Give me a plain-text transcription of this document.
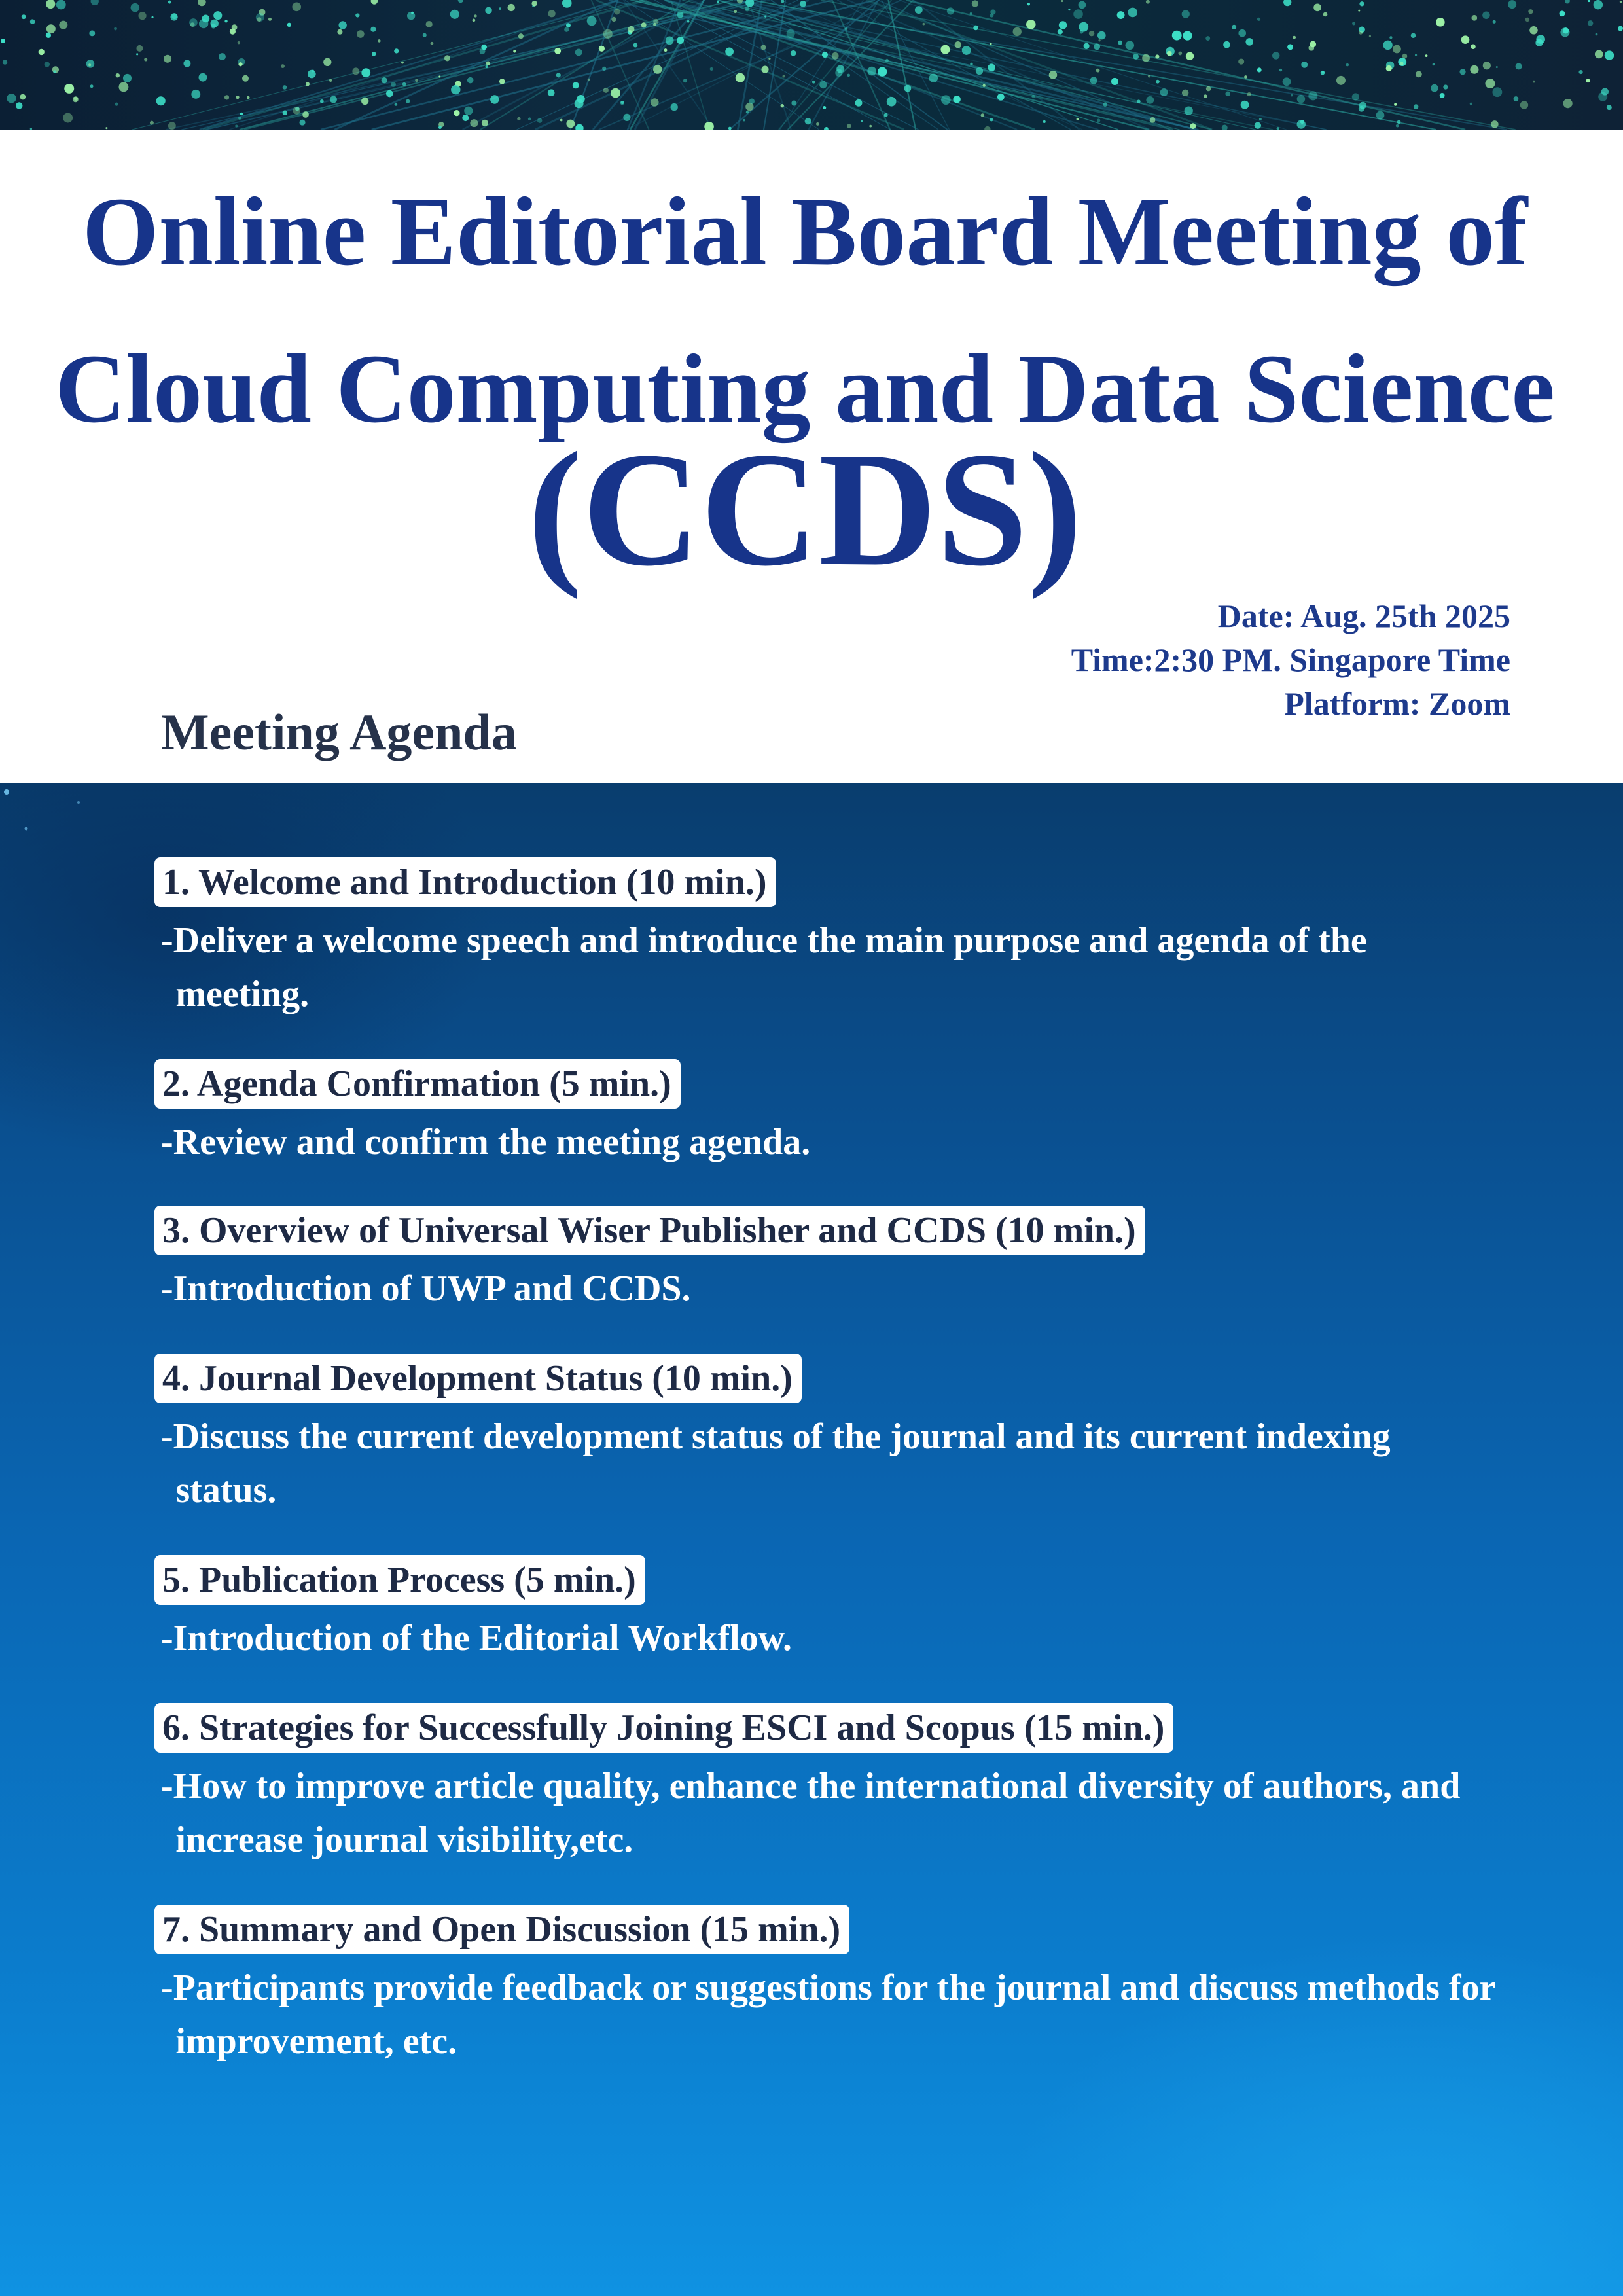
Online Editorial Board Meeting of
Cloud Computing and Data Science
(CCDS)
Date: Aug. 25th 2025
Time:2:30 PM. Singapore Time
Platform: Zoom
Meeting Agenda
1. Welcome and Introduction (10 min.)
-Deliver a welcome speech and introduce the main purpose and agenda of the meeting.
2. Agenda Confirmation (5 min.)
-Review and confirm the meeting agenda.
3. Overview of Universal Wiser Publisher and CCDS (10 min.)
-Introduction of UWP and CCDS.
4. Journal Development Status (10 min.)
-Discuss the current development status of the journal and its current indexing status.
5. Publication Process (5 min.)
-Introduction of the Editorial Workflow.
6. Strategies for Successfully Joining ESCI and Scopus (15 min.)
-How to improve article quality, enhance the international diversity of authors, and increase journal visibility,etc.
7. Summary and Open Discussion (15 min.)
-Participants provide feedback or suggestions for the journal and discuss methods for improvement, etc.
